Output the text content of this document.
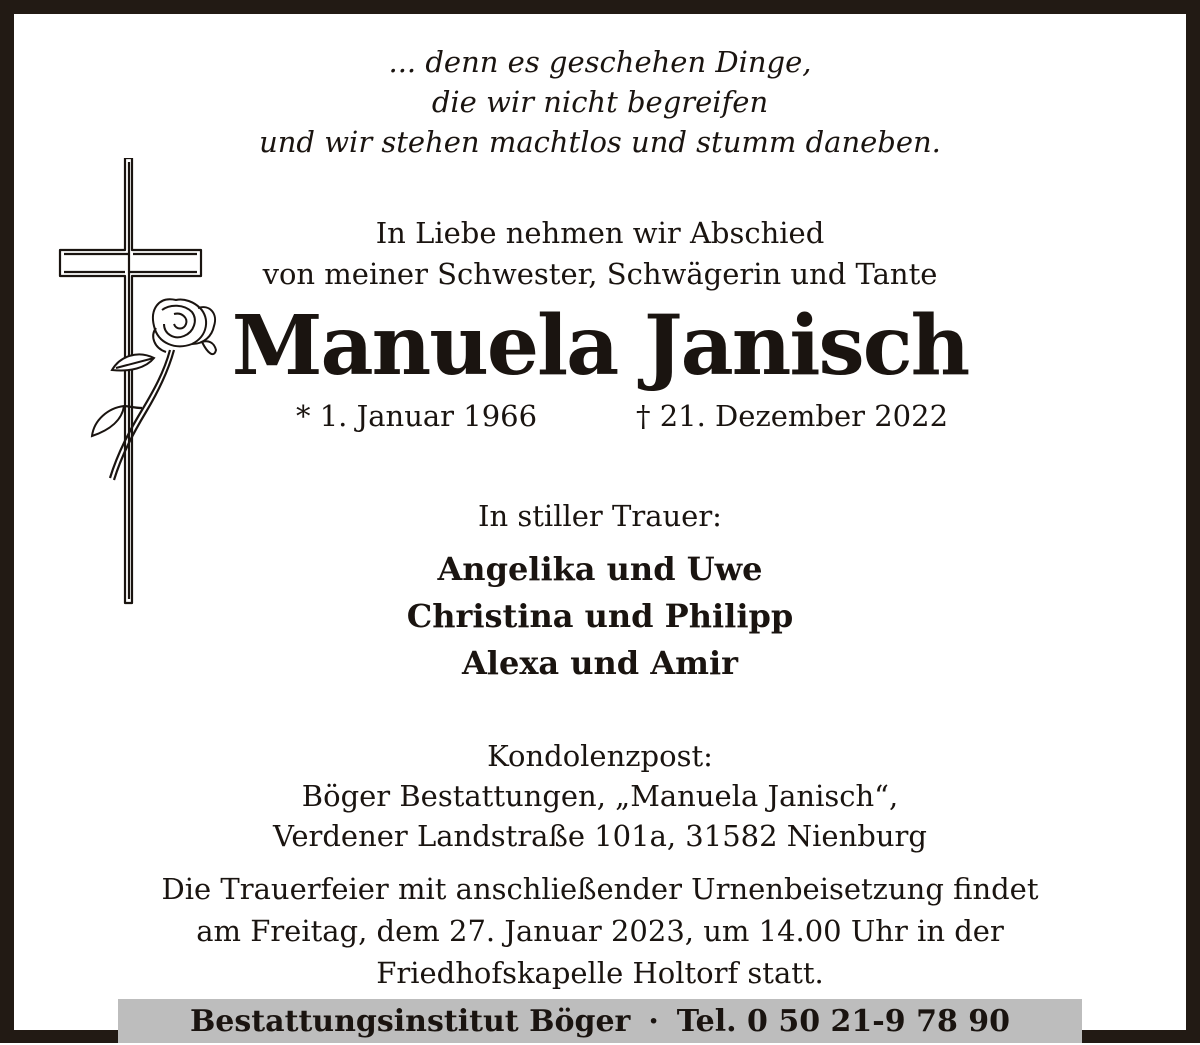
... denn es geschehen Dinge,
die wir nicht begreifen
und wir stehen machtlos und stumm daneben.
In Liebe nehmen wir Abschied
von meiner Schwester, Schwägerin und Tante
Manuela Janisch
* 1. Januar 1966	† 21. Dezember 2022
In stiller Trauer:
Angelika und Uwe
Christina und Philipp
Alexa und Amir
Kondolenzpost:
Böger Bestattungen, „Manuela Janisch“,
Verdener Landstraße 101a, 31582 Nienburg
Die Trauerfeier mit anschließender Urnenbeisetzung findet
am Freitag, dem 27. Januar 2023, um 14.00 Uhr in der
Friedhofskapelle Holtorf statt.
Bestattungsinstitut Böger · Tel. 0 50 21-9 78 90
